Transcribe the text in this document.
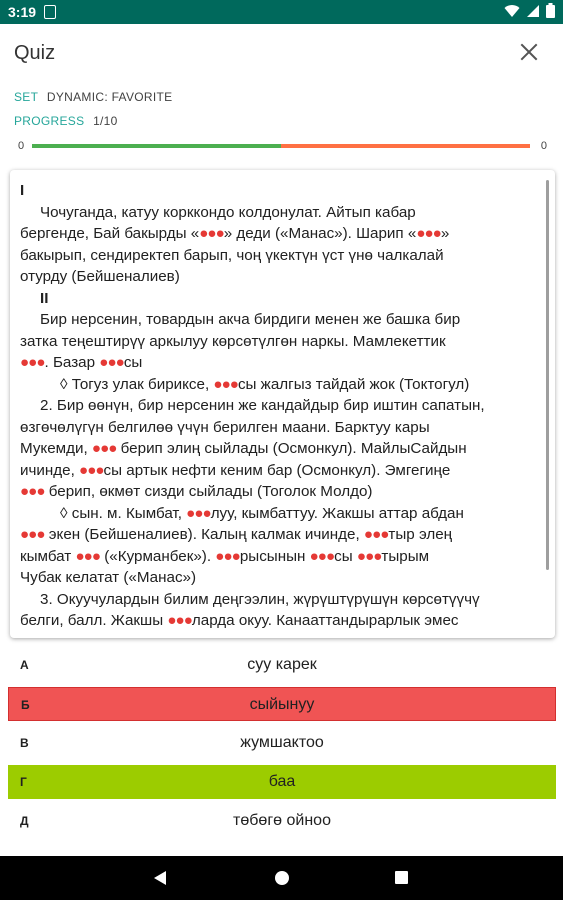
3:19
Quiz
SET DYNAMIC: FAVORITE
PROGRESS 1/10
0	0
I
Чочуганда, катуу корккондо колдонулат. Айтып кабар
бергенде, Бай бакырды «●●●» деди («Манас»). Шарип «●●●»
бакырып, сендиректеп барып, чоң үкектүн үст үнө чалкалай
отурду (Бейшеналиев)
II
Бир нерсенин, товардын акча бирдиги менен же башка бир
затка теңештирүү аркылуу көрсөтүлгөн наркы. Мамлекеттик
●●●. Базар ●●●сы
◊ Тогуз улак бириксе, ●●●сы жалгыз тайдай жок (Токтогул)
2. Бир өөнүн, бир нерсенин же кандайдыр бир иштин сапатын,
өзгөчөлүгүн белгилөө үчүн берилген маани. Барктуу кары
Мукемди, ●●● берип элиң сыйлады (Осмонкул). МайлыСайдын
ичинде, ●●●сы артык нефти кеним бар (Осмонкул). Эмгегиңе
●●● берип, өкмөт сизди сыйлады (Тоголок Молдо)
◊ сын. м. Кымбат, ●●●луу, кымбаттуу. Жакшы аттар абдан
●●● экен (Бейшеналиев). Калың калмак ичинде, ●●●тыр элең
кымбат ●●● («Курманбек»). ●●●рысынын ●●●сы ●●●тырым
Чубак келатат («Манас»)
3. Окуучулардын билим деңгээлин, жүрүштүрүшүн көрсөтүүчү
белги, балл. Жакшы ●●●ларда окуу. Канааттандырарлык эмес
А	суу карек
Б	сыйынуу
В	жумшактоо
Г	баа
Д	төбөгө ойноо
